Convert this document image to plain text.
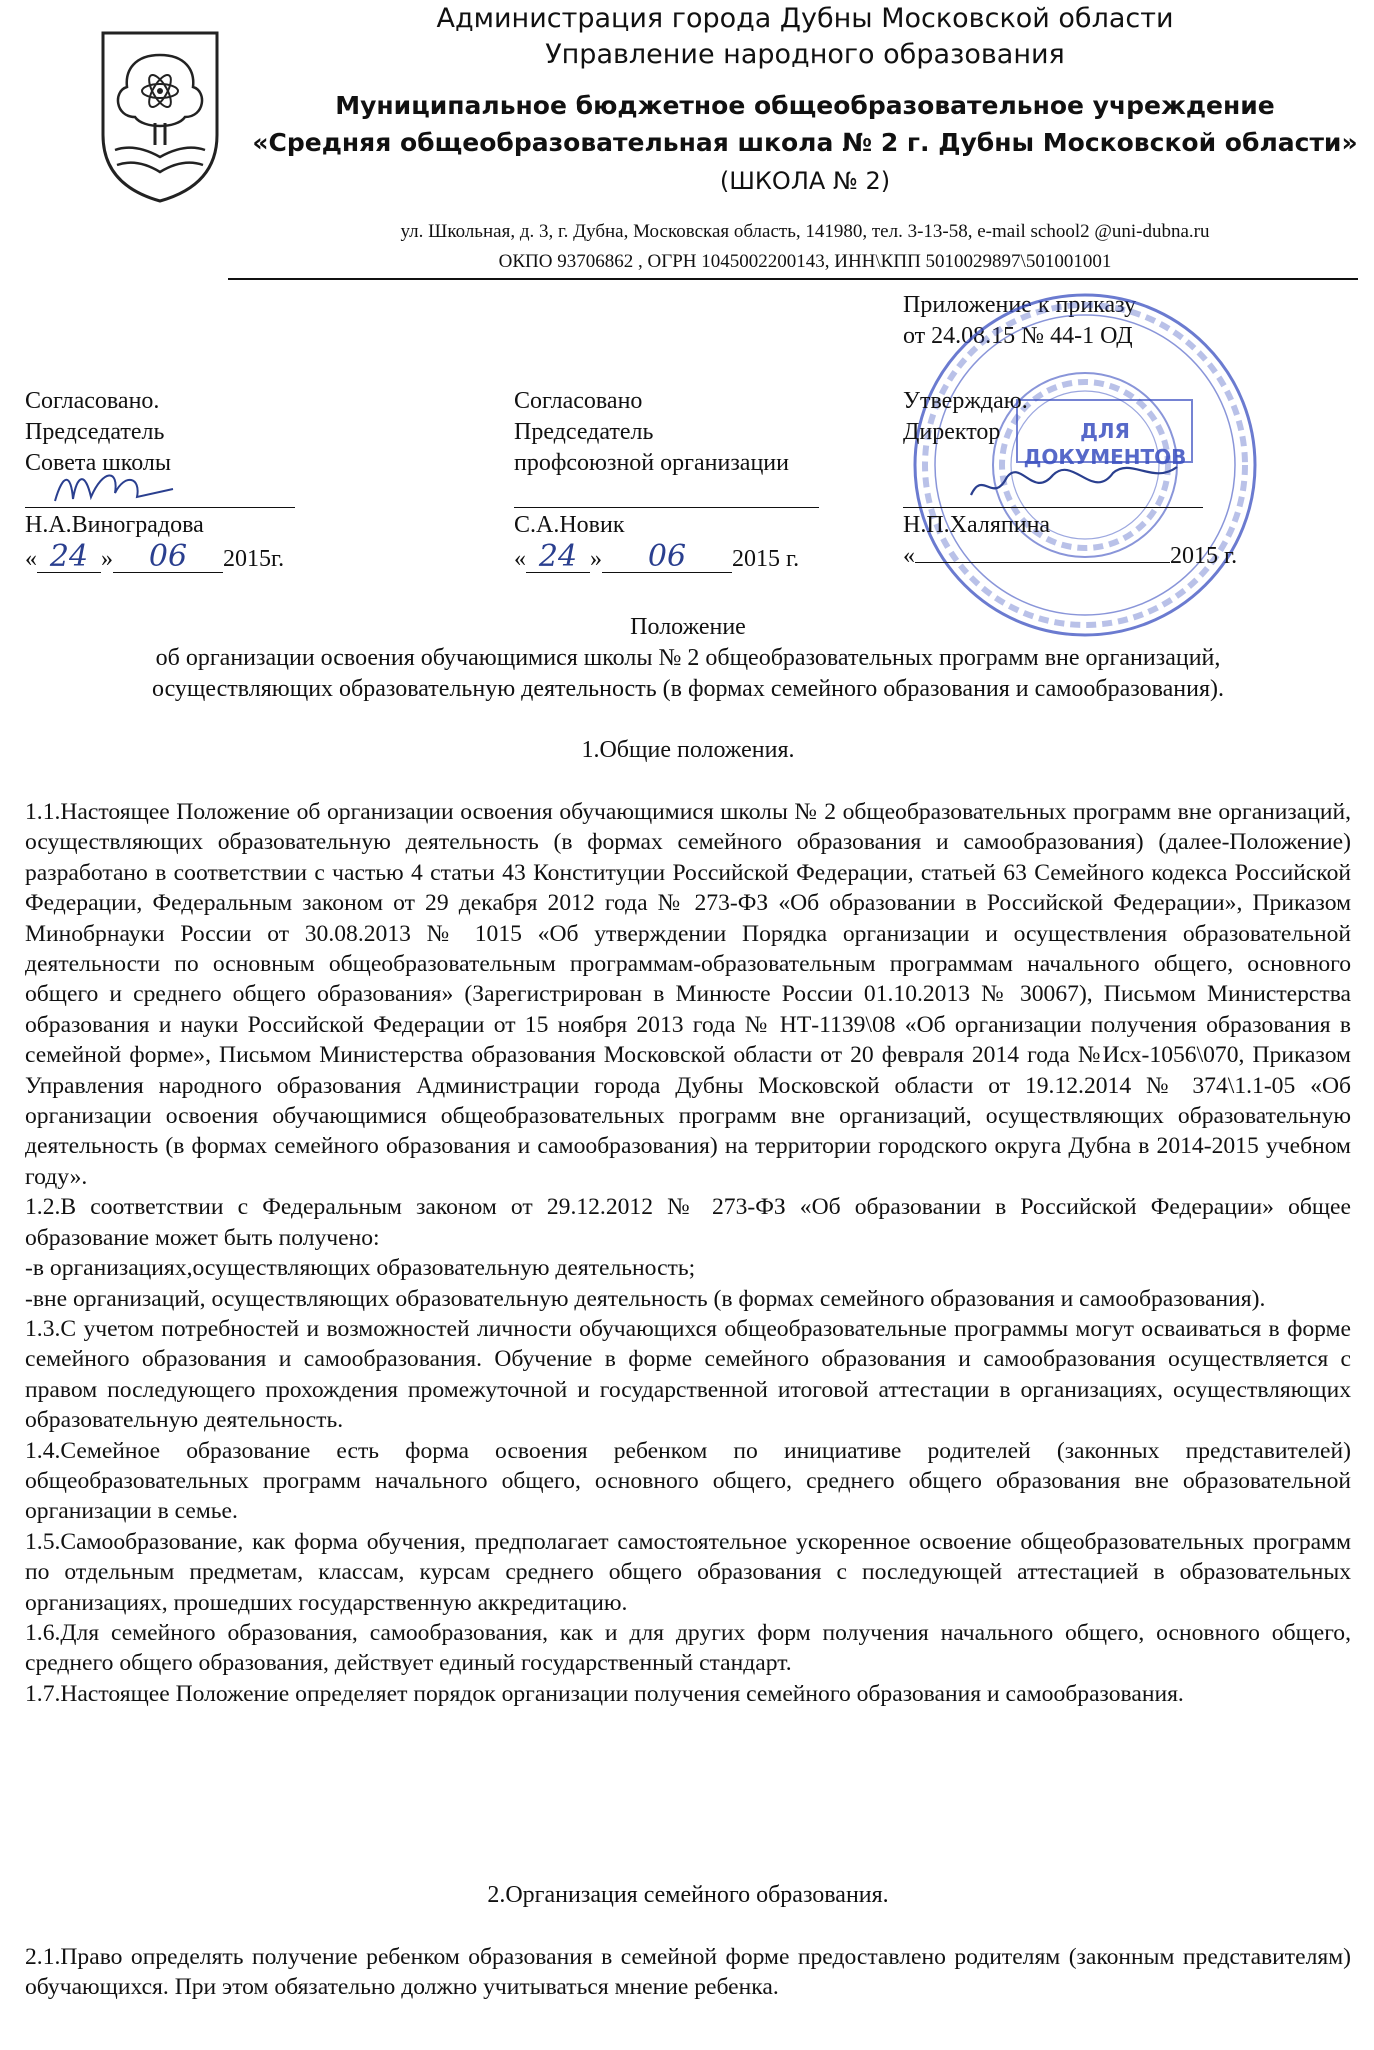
Администрация города Дубны Московской области
Управление народного образования
Муниципальное бюджетное общеобразовательное учреждение
«Средняя общеобразовательная школа № 2 г. Дубны Московской области»
(ШКОЛА № 2)
ул. Школьная, д. 3, г. Дубна, Московская область, 141980, тел. 3-13-58, e-mail school2 @uni-dubna.ru
ОКПО 93706862 , ОГРН 1045002200143, ИНН\КПП 5010029897\501001001
Приложение к приказу
от 24.08.15 № 44-1 ОД
Согласовано.
Председатель
Совета школы
Н.А.Виноградова
« 24 » 06 2015г.
Согласовано
Председатель
профсоюзной организации
С.А.Новик
« 24 » 06 2015 г.
ДЛЯ
ДОКУМЕНТОВ
Утверждаю.
Директор
Н.П.Халяпина
«	2015 г.
Положение
об организации освоения обучающимися школы № 2 общеобразовательных программ вне организаций,
осуществляющих образовательную деятельность (в формах семейного образования и самообразования).
1.Общие положения.

1.1.Настоящее Положение об организации освоения обучающимися школы № 2 общеобразовательных программ вне организаций, осуществляющих образовательную деятельность (в формах семейного образования и самообразования) (далее-Положение) разработано в соответствии с частью 4 статьи 43 Конституции Российской Федерации, статьей 63 Семейного кодекса Российской Федерации, Федеральным законом от 29 декабря 2012 года № 273-ФЗ «Об образовании в Российской Федерации», Приказом Минобрнауки России от 30.08.2013 № 1015 «Об утверждении Порядка организации и осуществления образовательной деятельности по основным общеобразовательным программам-образовательным программам начального общего, основного общего и среднего общего образования» (Зарегистрирован в Минюсте России 01.10.2013 № 30067), Письмом Министерства образования и науки Российской Федерации от 15 ноября 2013 года № НТ-1139\08 «Об организации получения образования в семейной форме», Письмом Министерства образования Московской области от 20 февраля 2014 года №Исх-1056\070, Приказом Управления народного образования Администрации города Дубны Московской области от 19.12.2014 № 374\1.1-05 «Об организации освоения обучающимися общеобразовательных программ вне организаций, осуществляющих образовательную деятельность (в формах семейного образования и самообразования) на территории городского округа Дубна в 2014-2015 учебном году».

1.2.В соответствии с Федеральным законом от 29.12.2012 № 273-ФЗ «Об образовании в Российской Федерации» общее образование может быть получено:

-в организациях,осуществляющих образовательную деятельность;

-вне организаций, осуществляющих образовательную деятельность (в формах семейного образования и самообразования).

1.3.С учетом потребностей и возможностей личности обучающихся общеобразовательные программы могут осваиваться в форме семейного образования и самообразования. Обучение в форме семейного образования и самообразования осуществляется с правом последующего прохождения промежуточной и государственной итоговой аттестации в организациях, осуществляющих образовательную деятельность.

1.4.Семейное образование есть форма освоения ребенком по инициативе родителей (законных представителей) общеобразовательных программ начального общего, основного общего, среднего общего образования вне образовательной организации в семье.

1.5.Самообразование, как форма обучения, предполагает самостоятельное ускоренное освоение общеобразовательных программ по отдельным предметам, классам, курсам среднего общего образования с последующей аттестацией в образовательных организациях, прошедших государственную аккредитацию.

1.6.Для семейного образования, самообразования, как и для других форм получения начального общего, основного общего, среднего общего образования, действует единый государственный стандарт.

1.7.Настоящее Положение определяет порядок организации получения семейного образования и самообразования.

2.Организация семейного образования.

2.1.Право определять получение ребенком образования в семейной форме предоставлено родителям (законным представителям) обучающихся. При этом обязательно должно учитываться мнение ребенка.
